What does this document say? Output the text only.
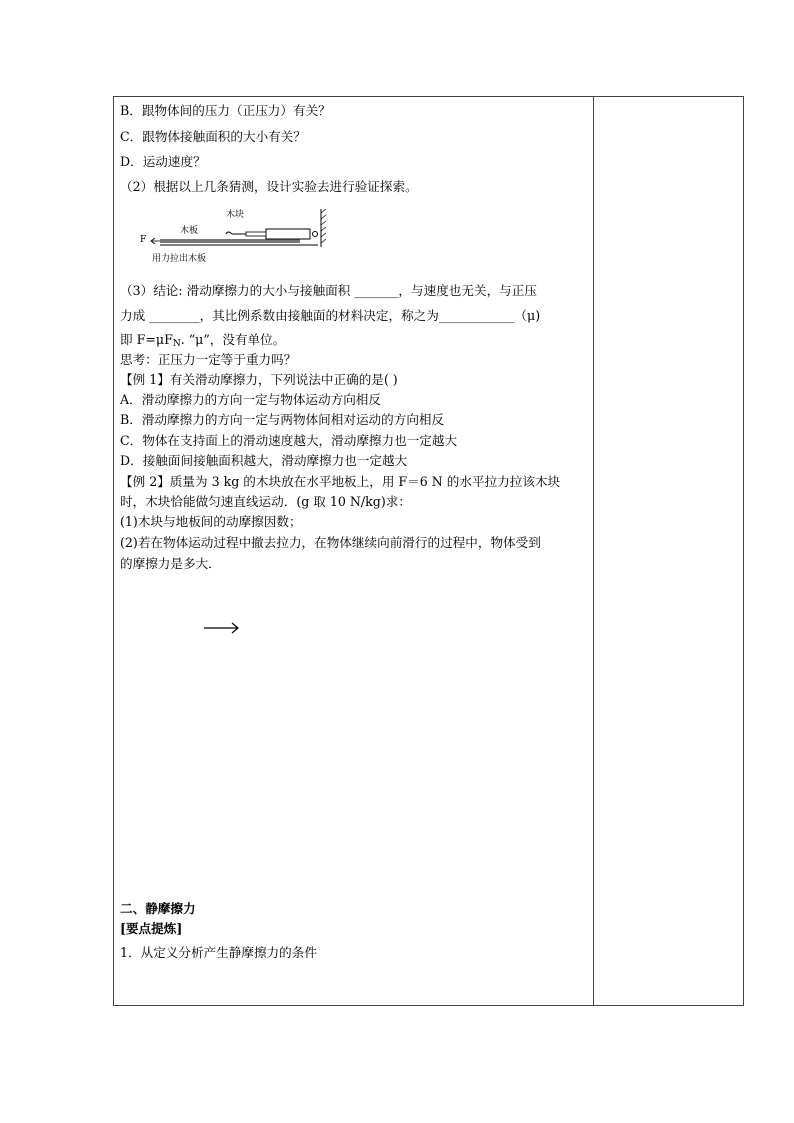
B．跟物体间的压力（正压力）有关？
C．跟物体接触面积的大小有关？
D．运动速度？
（2）根据以上几条猜测，设计实验去进行验证探索。
木块
木板
F
用力拉出木板
（3）结论: 滑动摩擦力的大小与接触面积 _______，与速度也无关，与正压
力成 ________，其比例系数由接触面的材料决定，称之为____________（μ)
即 $F=\mu F_N$. “μ”，没有单位。
思考：正压力一定等于重力吗？
【例 1】有关滑动摩擦力，下列说法中正确的是( )
A．滑动摩擦力的方向一定与物体运动方向相反
B．滑动摩擦力的方向一定与两物体间相对运动的方向相反
C．物体在支持面上的滑动速度越大，滑动摩擦力也一定越大
D．接触面间接触面积越大，滑动摩擦力也一定越大
【例 2】质量为 3 kg 的木块放在水平地板上，用 F＝6 N 的水平拉力拉该木块
时，木块恰能做匀速直线运动．(g 取 10 N/kg)求：
(1)木块与地板间的动摩擦因数；
(2)若在物体运动过程中撤去拉力，在物体继续向前滑行的过程中，物体受到
的摩擦力是多大．
二、静摩擦力
[要点提炼]
1．从定义分析产生静摩擦力的条件
